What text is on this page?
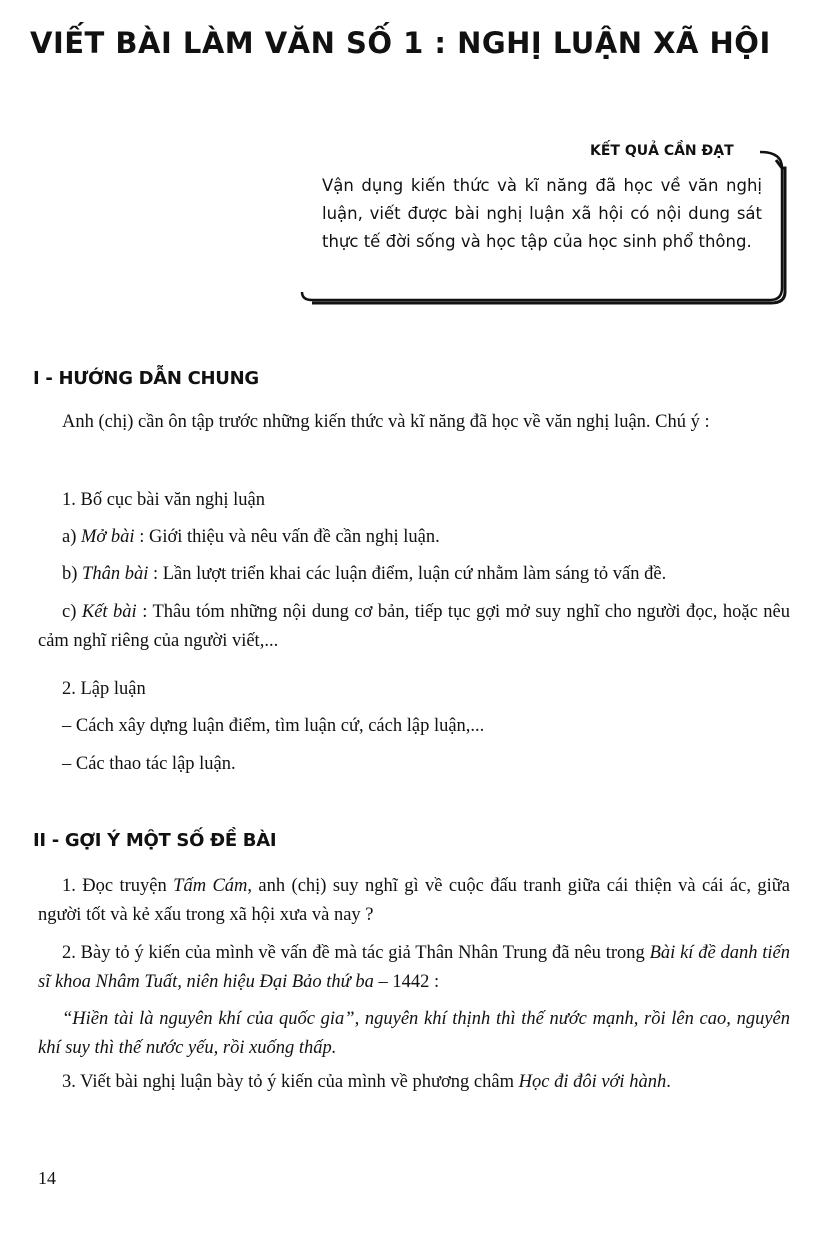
VIẾT BÀI LÀM VĂN SỐ 1 : NGHỊ LUẬN XÃ HỘI
KẾT QUẢ CẦN ĐẠT
Vận dụng kiến thức và kĩ năng đã học về văn nghị luận, viết được bài nghị luận xã hội có nội dung sát thực tế đời sống và học tập của học sinh phổ thông.
I - HƯỚNG DẪN CHUNG
Anh (chị) cần ôn tập trước những kiến thức và kĩ năng đã học về văn nghị luận. Chú ý :
1. Bố cục bài văn nghị luận
a) Mở bài : Giới thiệu và nêu vấn đề cần nghị luận.
b) Thân bài : Lần lượt triển khai các luận điểm, luận cứ nhằm làm sáng tỏ vấn đề.
c) Kết bài : Thâu tóm những nội dung cơ bản, tiếp tục gợi mở suy nghĩ cho người đọc, hoặc nêu cảm nghĩ riêng của người viết,...
2. Lập luận
– Cách xây dựng luận điểm, tìm luận cứ, cách lập luận,...
– Các thao tác lập luận.
II - GỢI Ý MỘT SỐ ĐỀ BÀI
1. Đọc truyện Tấm Cám, anh (chị) suy nghĩ gì về cuộc đấu tranh giữa cái thiện và cái ác, giữa người tốt và kẻ xấu trong xã hội xưa và nay ?
2. Bày tỏ ý kiến của mình về vấn đề mà tác giả Thân Nhân Trung đã nêu trong Bài kí đề danh tiến sĩ khoa Nhâm Tuất, niên hiệu Đại Bảo thứ ba – 1442 :
“Hiền tài là nguyên khí của quốc gia”, nguyên khí thịnh thì thế nước mạnh, rồi lên cao, nguyên khí suy thì thế nước yếu, rồi xuống thấp.
3. Viết bài nghị luận bày tỏ ý kiến của mình về phương châm Học đi đôi với hành.
14
